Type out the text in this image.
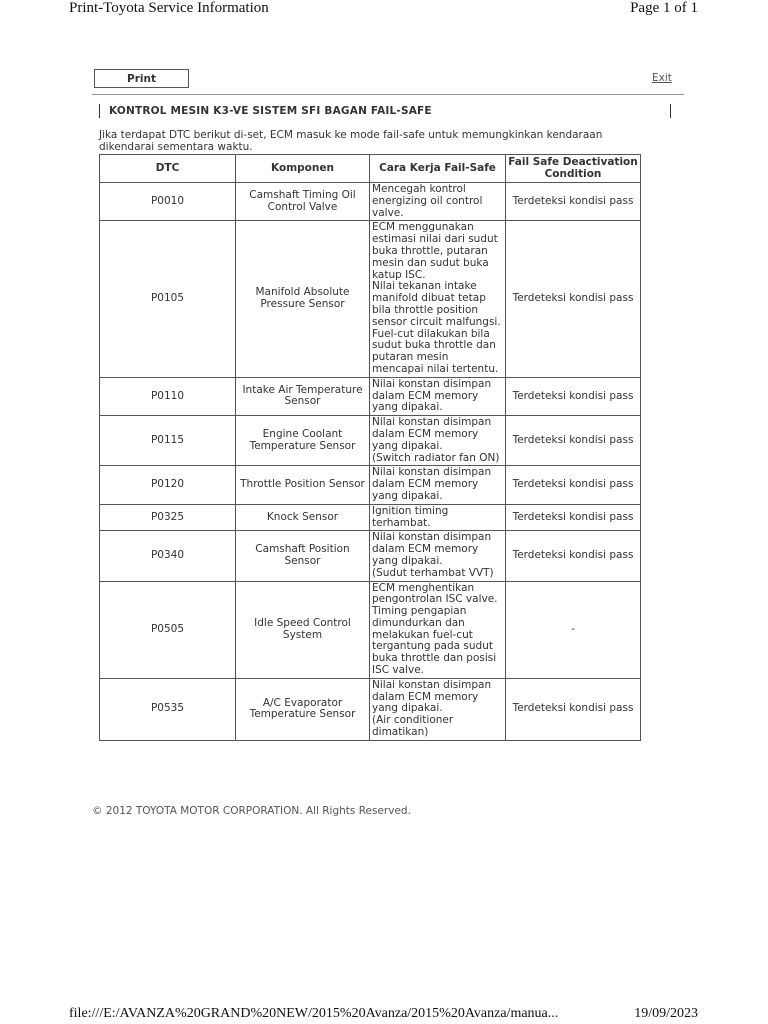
Print-Toyota Service Information	Page 1 of 1
Print	Exit
KONTROL MESIN K3-VE SISTEM SFI BAGAN FAIL-SAFE
Jika terdapat DTC berikut di-set, ECM masuk ke mode fail-safe untuk memungkinkan kendaraan dikendarai sementara waktu.
DTC	Komponen	Cara Kerja Fail-Safe	Fail Safe Deactivation Condition
P0010	Camshaft Timing Oil Control Valve	Mencegah kontrol energizing oil control valve.	Terdeteksi kondisi pass
P0105	Manifold Absolute Pressure Sensor	ECM menggunakan estimasi nilai dari sudut buka throttle, putaran mesin dan sudut buka katup ISC.
Nilai tekanan intake manifold dibuat tetap bila throttle position sensor circuit malfungsi.
Fuel-cut dilakukan bila sudut buka throttle dan putaran mesin mencapai nilai tertentu.	Terdeteksi kondisi pass
P0110	Intake Air Temperature Sensor	Nilai konstan disimpan dalam ECM memory yang dipakai.	Terdeteksi kondisi pass
P0115	Engine Coolant Temperature Sensor	Nilai konstan disimpan dalam ECM memory yang dipakai.
(Switch radiator fan ON)	Terdeteksi kondisi pass
P0120	Throttle Position Sensor	Nilai konstan disimpan dalam ECM memory yang dipakai.	Terdeteksi kondisi pass
P0325	Knock Sensor	Ignition timing terhambat.	Terdeteksi kondisi pass
P0340	Camshaft Position Sensor	Nilai konstan disimpan dalam ECM memory yang dipakai.
(Sudut terhambat VVT)	Terdeteksi kondisi pass
P0505	Idle Speed Control System	ECM menghentikan pengontrolan ISC valve.
Timing pengapian dimundurkan dan melakukan fuel-cut tergantung pada sudut buka throttle dan posisi ISC valve.	-
P0535	A/C Evaporator Temperature Sensor	Nilai konstan disimpan dalam ECM memory yang dipakai.
(Air conditioner dimatikan)	Terdeteksi kondisi pass
© 2012 TOYOTA MOTOR CORPORATION. All Rights Reserved.
file:///E:/AVANZA%20GRAND%20NEW/2015%20Avanza/2015%20Avanza/manua...	19/09/2023
